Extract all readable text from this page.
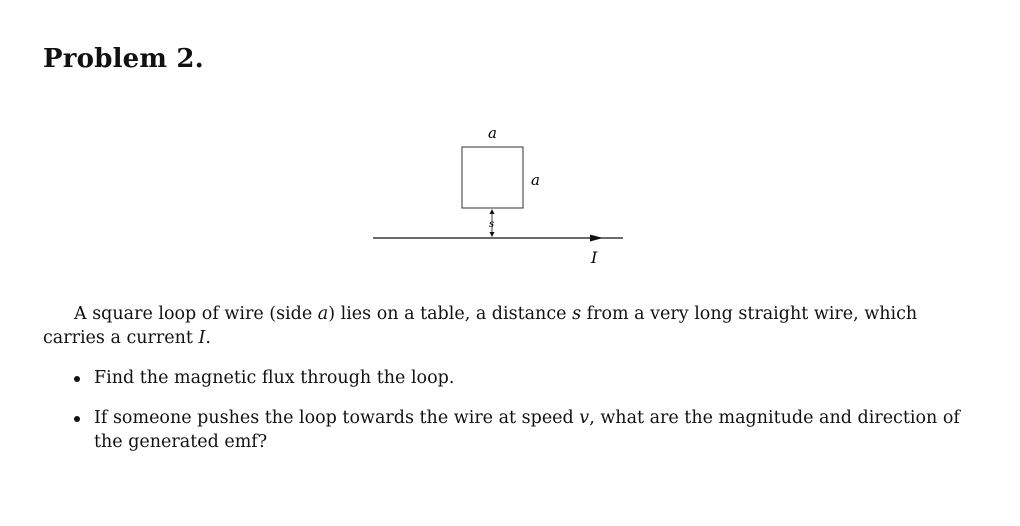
Problem 2.
a
a
s
I

A square loop of wire (side a) lies on a table, a distance s from a very long straight wire, which carries a current I.

Find the magnetic flux through the loop.
If someone pushes the loop towards the wire at speed v, what are the magnitude and direction of the generated emf?
